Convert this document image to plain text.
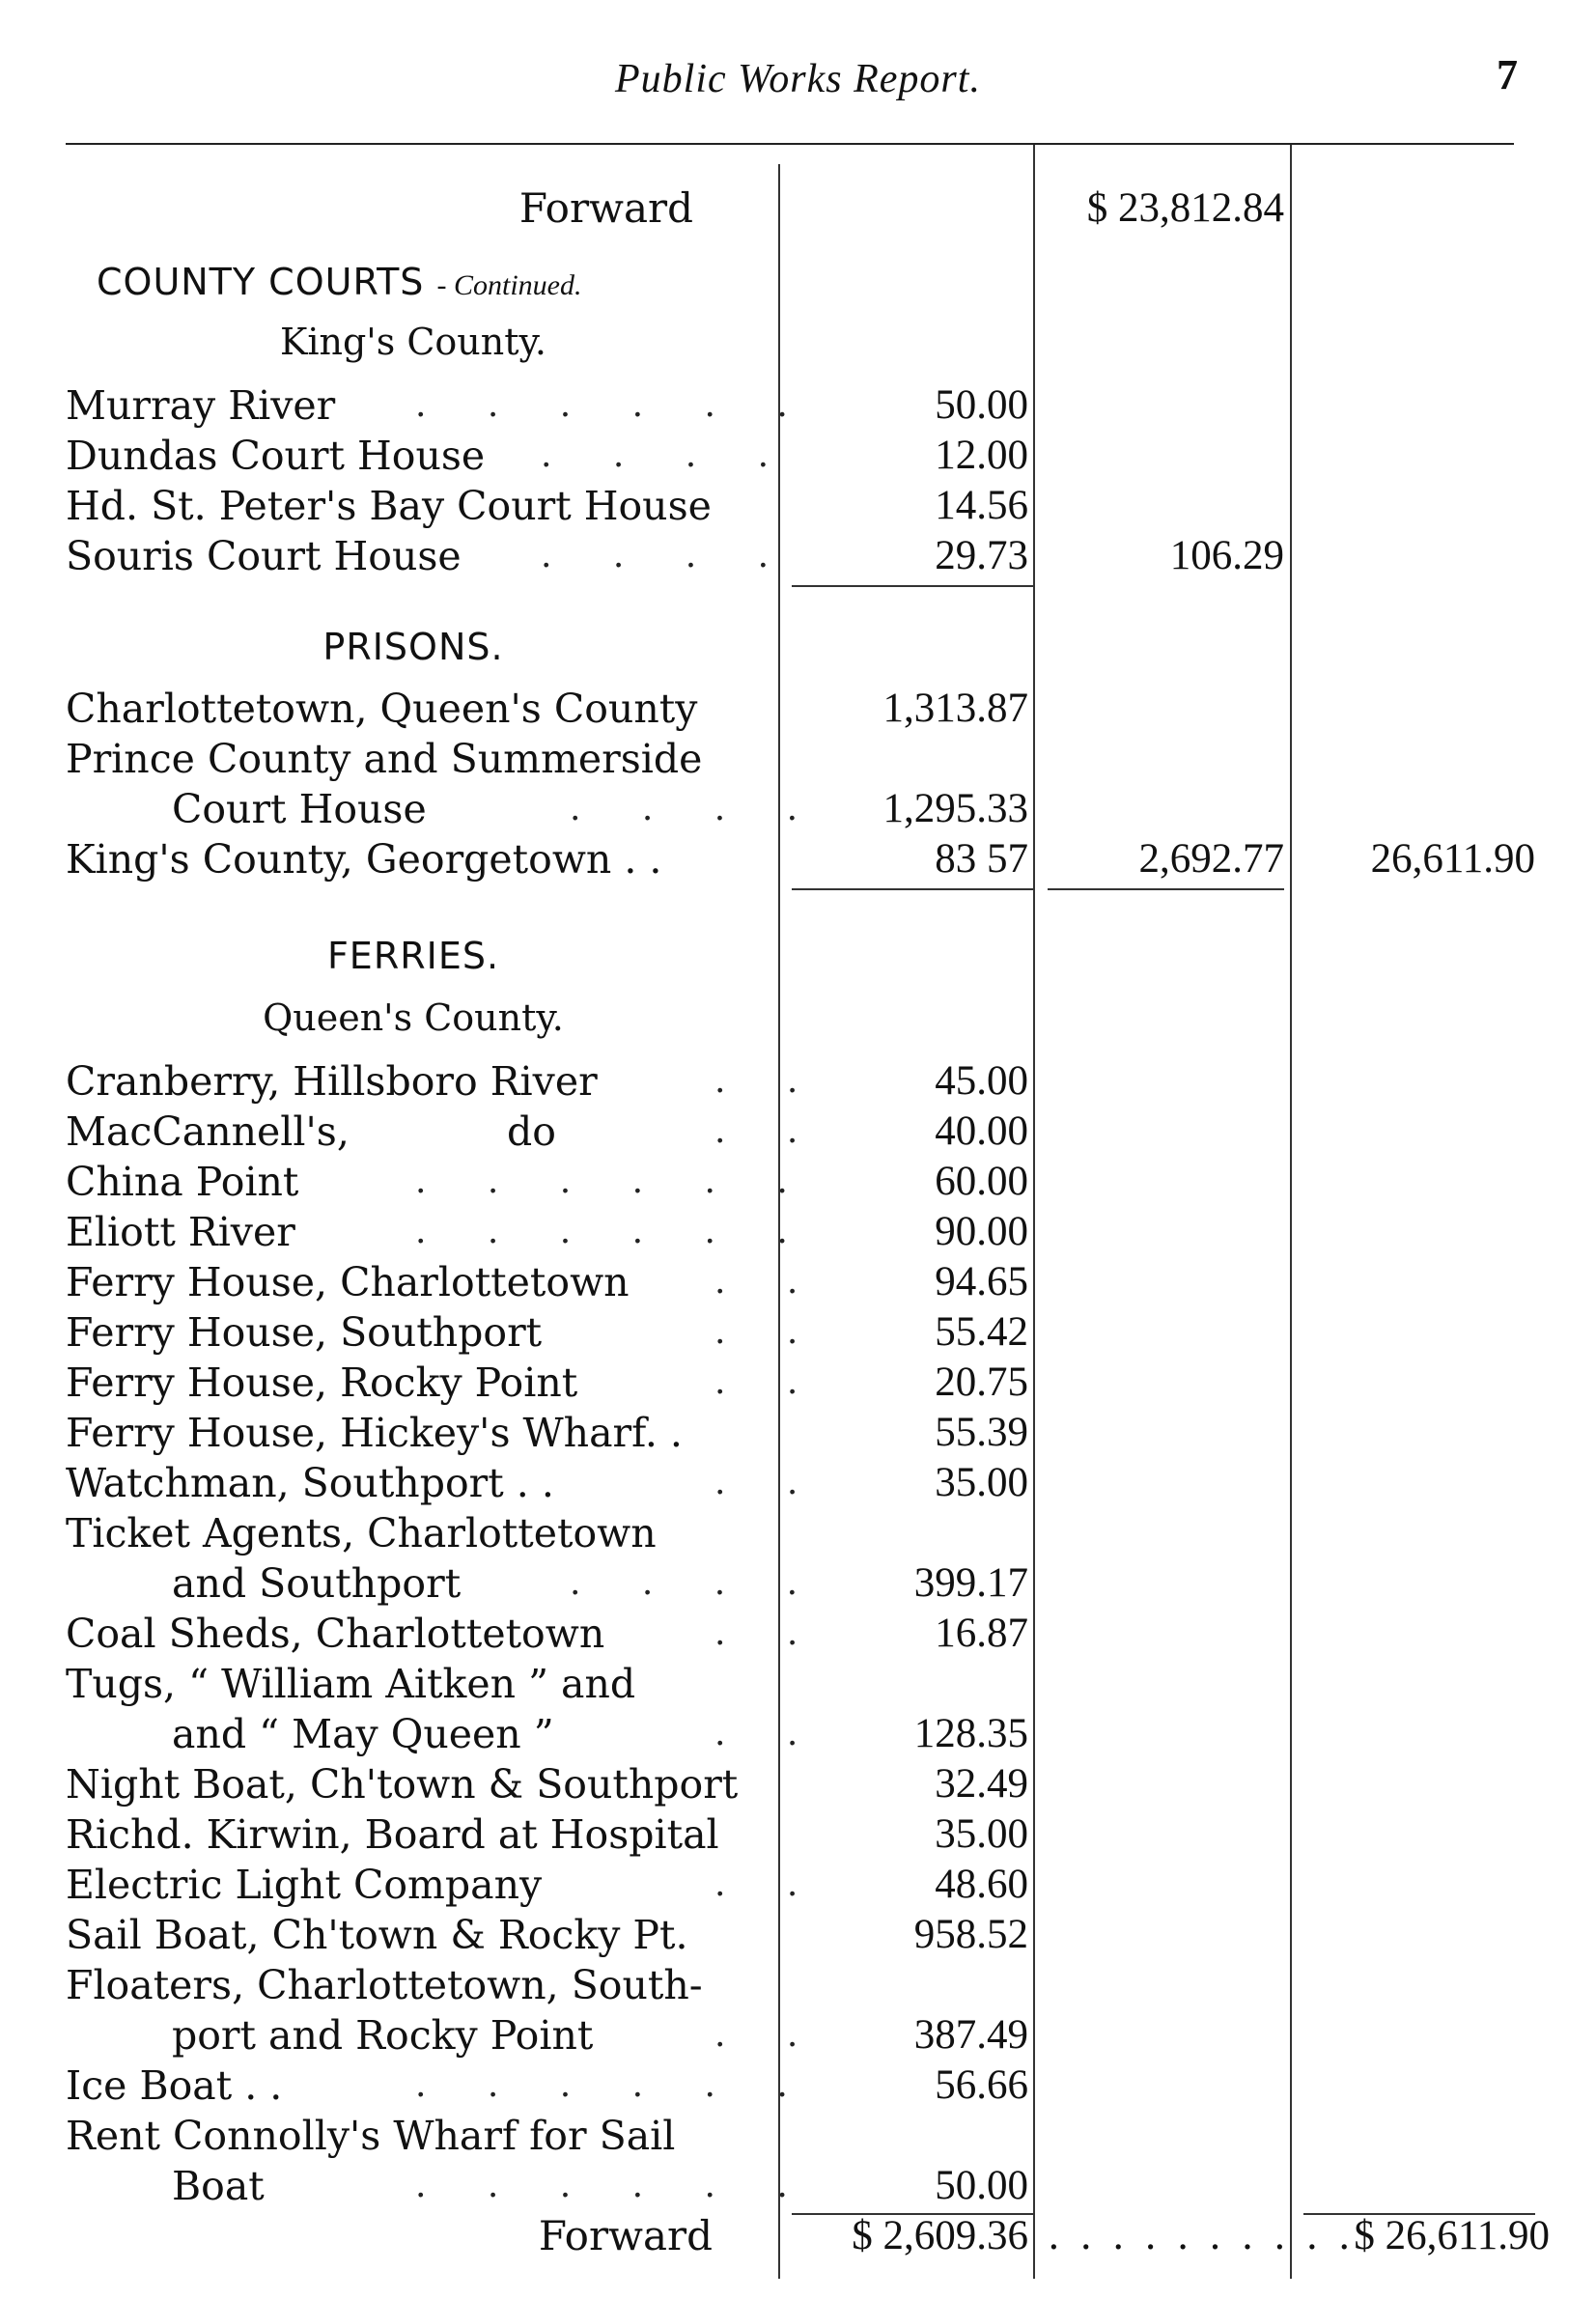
Public Works Report.	7
Forward	$ 23,812.84
COUNTY COURTS - Continued.
King's County.
Murray River	. . . . . .	50.00
Dundas Court House	. . . .	12.00
Hd. St. Peter's Bay Court House	14.56
Souris Court House	. . . .	29.73	106.29
PRISONS.
Charlottetown, Queen's County	1,313.87
Prince County and Summerside
Court House	. . . .	1,295.33
King's County, Georgetown . .	83 57	2,692.77	26,611.90
FERRIES.
Queen's County.
Cranberry, Hillsboro River	. .	45.00
MacCannell's,	do	. .	40.00
China Point	. . . . . .	60.00
Eliott River	. . . . . .	90.00
Ferry House, Charlottetown	. .	94.65
Ferry House, Southport	. .	55.42
Ferry House, Rocky Point	. .	20.75
Ferry House, Hickey's Wharf. .	55.39
Watchman, Southport . .	. .	35.00
Ticket Agents, Charlottetown
and Southport	. . . .	399.17
Coal Sheds, Charlottetown	. .	16.87
Tugs, “ William Aitken ” and
and “ May Queen ”	. .	128.35
Night Boat, Ch'town & Southport	32.49
Richd. Kirwin, Board at Hospital	35.00
Electric Light Company	. .	48.60
Sail Boat, Ch'town & Rocky Pt.	958.52
Floaters, Charlottetown, South-
port and Rocky Point	. .	387.49
Ice Boat . .	. . . . . .	56.66
Rent Connolly's Wharf for Sail
Boat	. . . . . .	50.00
Forward	$ 2,609.36 . . . . . . . . . . $ 26,611.90
